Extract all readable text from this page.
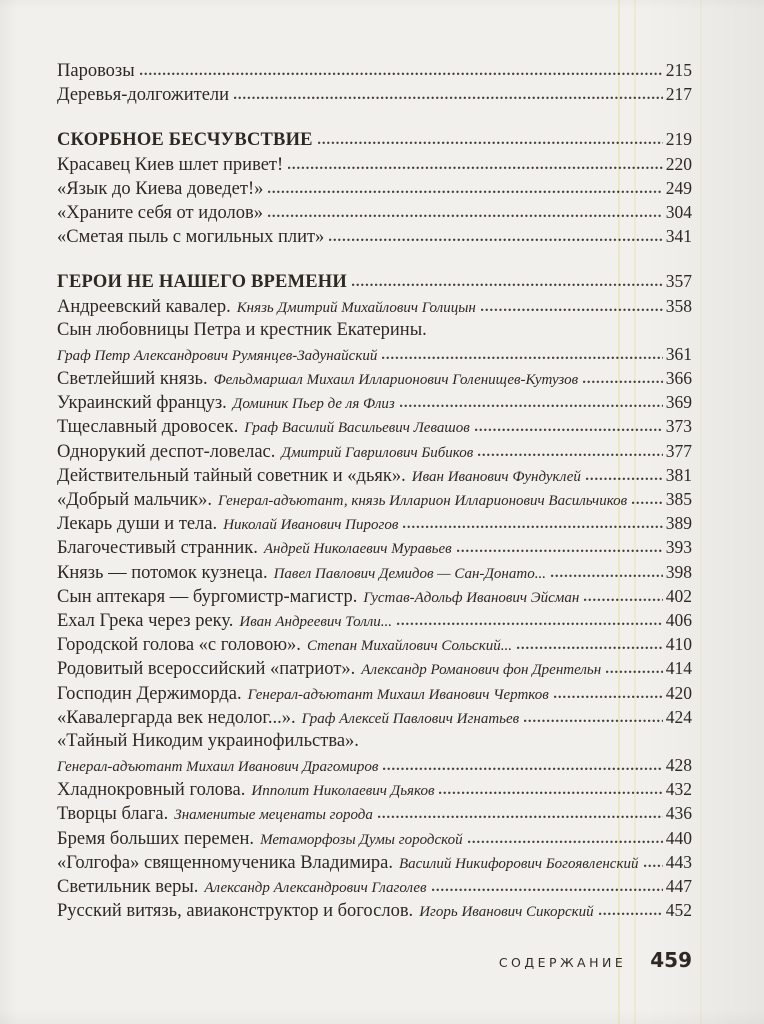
Паровозы	215
Деревья-долгожители	217
СКОРБНОЕ БЕСЧУВСТВИЕ	219
Красавец Киев шлет привет!	220
«Язык до Киева доведет!»	249
«Храните себя от идолов»	304
«Сметая пыль с могильных плит»	341
ГЕРОИ НЕ НАШЕГО ВРЕМЕНИ	357
Андреевский кавалер. Князь Дмитрий Михайлович Голицын	358
Сын любовницы Петра и крестник Екатерины.
Граф Петр Александрович Румянцев-Задунайский	361
Светлейший князь. Фельдмаршал Михаил Илларионович Голенищев-Кутузов	366
Украинский француз. Доминик Пьер де ля Флиз	369
Тщеславный дровосек. Граф Василий Васильевич Левашов	373
Однорукий деспот-ловелас. Дмитрий Гаврилович Бибиков	377
Действительный тайный советник и «дьяк». Иван Иванович Фундуклей	381
«Добрый мальчик». Генерал-адъютант, князь Илларион Илларионович Васильчиков 385
Лекарь души и тела. Николай Иванович Пирогов	389
Благочестивый странник. Андрей Николаевич Муравьев	393
Князь — потомок кузнеца. Павел Павлович Демидов — Сан-Донато...	398
Сын аптекаря — бургомистр-магистр. Густав-Адольф Иванович Эйсман	402
Ехал Грека через реку. Иван Андреевич Толли...	406
Городской голова «с головою». Степан Михайлович Сольский...	410
Родовитый всероссийский «патриот». Александр Романович фон Дрентельн	414
Господин Держиморда. Генерал-адъютант Михаил Иванович Чертков	420
«Кавалергарда век недолог...». Граф Алексей Павлович Игнатьев	424
«Тайный Никодим украинофильства».
Генерал-адъютант Михаил Иванович Драгомиров	428
Хладнокровный голова. Ипполит Николаевич Дьяков	432
Творцы блага. Знаменитые меценаты города	436
Бремя больших перемен. Метаморфозы Думы городской	440
«Голгофа» священномученика Владимира. Василий Никифорович Богоявленский 443
Светильник веры. Александр Александрович Глаголев	447
Русский витязь, авиаконструктор и богослов. Игорь Иванович Сикорский	452
СОДЕРЖАНИЕ 459
